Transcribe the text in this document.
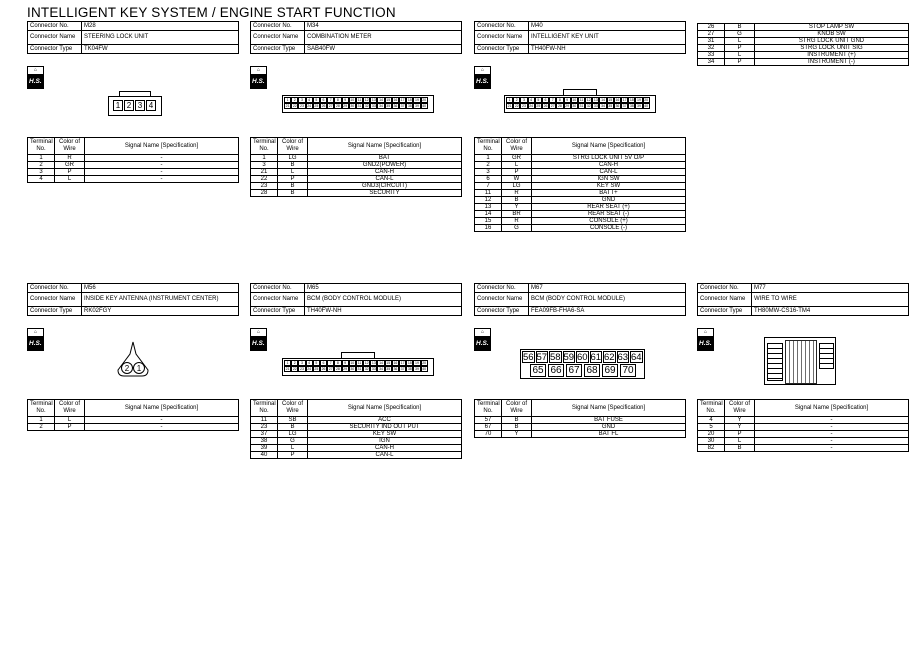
INTELLIGENT KEY SYSTEM / ENGINE START FUNCTION
Connector No.	M28
Connector Name	STEERING LOCK UNIT
Connector Type	TK04FW
⌂
H.S.
Terminal No.	Color of Wire	Signal Name [Specification]
1	R	-
2	GR	-
3	P	-
4	L	-
Connector No.	M34
Connector Name	COMBINATION METER
Connector Type	SAB40FW
⌂
H.S.
Terminal No.	Color of Wire	Signal Name [Specification]
1	LG	BAT
3	B	GND2(POWER)
21	L	CAN-H
22	P	CAN-L
23	B	GND3(CIRCUIT)
28	B	SECURITY
Connector No.	M40
Connector Name	INTELLIGENT KEY UNIT
Connector Type	TH40FW-NH
⌂
H.S.
Terminal No.	Color of Wire	Signal Name [Specification]
1	GR	STRG LOCK UNIT 5V O/P
2	L	CAN-H
3	P	CAN-L
6	W	IGN SW
7	LG	KEY SW
11	R	BATT+
12	B	GND
13	Y	REAR SEAT (+)
14	BR	REAR SEAT (-)
15	R	CONSOLE (+)
16	G	CONSOLE (-)
Connector No.	M56
Connector Name	INSIDE KEY ANTENNA (INSTRUMENT CENTER)
Connector Type	RK02FGY
⌂
H.S.
Terminal No.	Color of Wire	Signal Name [Specification]
1	L	-
2	P	-
Connector No.	M65
Connector Name	BCM (BODY CONTROL MODULE)
Connector Type	TH40FW-NH
⌂
H.S.
Terminal No.	Color of Wire	Signal Name [Specification]
11	SB	ACC
23	B	SECURITY IND OUT PUT
37	LG	KEY SW
38	G	IGN
39	L	CAN-H
40	P	CAN-L
Connector No.	M67
Connector Name	BCM (BODY CONTROL MODULE)
Connector Type	FEA09FB-FHA6-SA
⌂
H.S.
Terminal No.	Color of Wire	Signal Name [Specification]
57	B	BAT FUSE
67	B	GND
70	Y	BAT FL
Connector No.	M77
Connector Name	WIRE TO WIRE
Connector Type	TH80MW-CS16-TM4
⌂
H.S.
Terminal No.	Color of Wire	Signal Name [Specification]
4	Y	-
5	Y	-
20	P	-
30	L	-
82	B	-
1 2 3 4
1	2	3	4	5	6	7	8	9	10 11 12 13 14 15 16 17 18 19 20
21 22 23 24 25 26 27 28 29 30 31 32 33 34 35 36 37 38 39 40
1	2	3	4	5	6	7	8	9	10 11 12 13 14 15 16 17 18 19 20
21 22 23 24 25 26 27 28 29 30 31 32 33 34 35 36 37 38 39 40
1	2	3	4	5	6	7	8	9	10 11 12 13 14 15 16 17 18 19 20
21 22 23 24 25 26 27 28 29 30 31 32 33 34 35 36 37 38 39 40
2 1
56 57 58 59 60 61 62 63 64
65 66 67 68 69 70
26	B	STOP LAMP SW
27	G	KNOB SW
31	L	STRG LOCK UNIT GND
32	P	STRG LOCK UNIT SIG
33	L	INSTRUMENT (+)
34	P	INSTRUMENT (-)
